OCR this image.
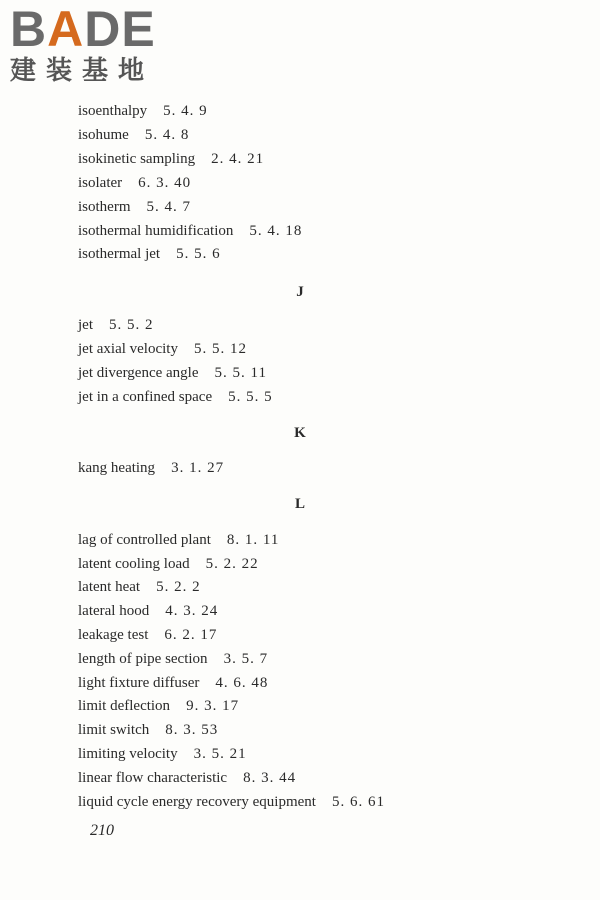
BADE
建装基地
isoenthalpy 5. 4. 9
isohume 5. 4. 8
isokinetic sampling 2. 4. 21
isolater 6. 3. 40
isotherm 5. 4. 7
isothermal humidification 5. 4. 18
isothermal jet 5. 5. 6
J
jet 5. 5. 2
jet axial velocity 5. 5. 12
jet divergence angle 5. 5. 11
jet in a confined space 5. 5. 5
K
kang heating 3. 1. 27
L
lag of controlled plant 8. 1. 11
latent cooling load 5. 2. 22
latent heat 5. 2. 2
lateral hood 4. 3. 24
leakage test 6. 2. 17
length of pipe section 3. 5. 7
light fixture diffuser 4. 6. 48
limit deflection 9. 3. 17
limit switch 8. 3. 53
limiting velocity 3. 5. 21
linear flow characteristic 8. 3. 44
liquid cycle energy recovery equipment 5. 6. 61
210
